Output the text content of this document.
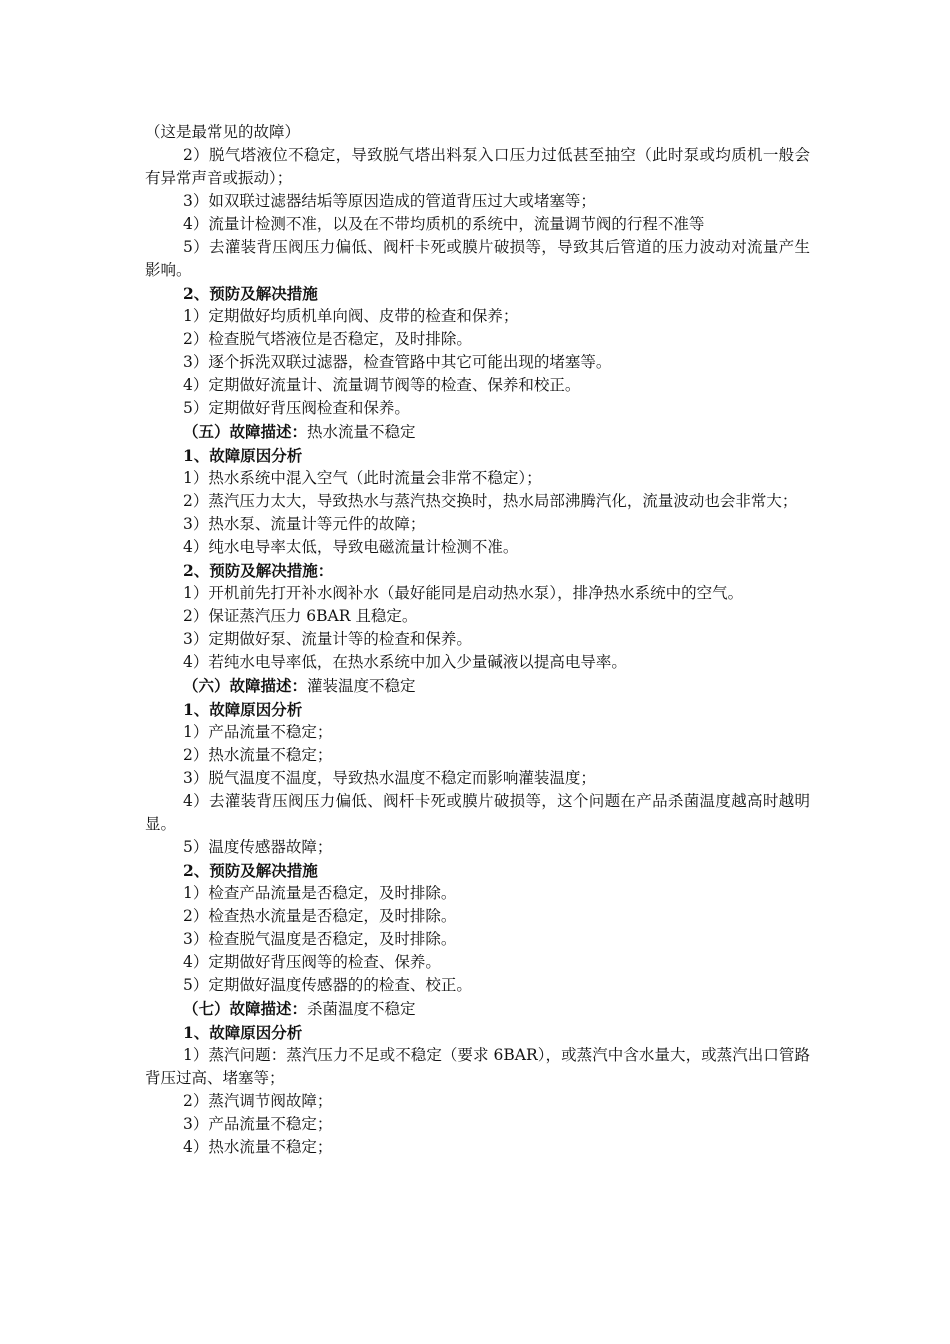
（这是最常见的故障）
2）脱气塔液位不稳定，导致脱气塔出料泵入口压力过低甚至抽空（此时泵或均质机一般会有异常声音或振动）；
3）如双联过滤器结垢等原因造成的管道背压过大或堵塞等；
4）流量计检测不准，以及在不带均质机的系统中，流量调节阀的行程不准等
5）去灌装背压阀压力偏低、阀杆卡死或膜片破损等，导致其后管道的压力波动对流量产生影响。
2、预防及解决措施
1）定期做好均质机单向阀、皮带的检查和保养；
2）检查脱气塔液位是否稳定，及时排除。
3）逐个拆洗双联过滤器，检查管路中其它可能出现的堵塞等。
4）定期做好流量计、流量调节阀等的检查、保养和校正。
5）定期做好背压阀检查和保养。
（五）故障描述：热水流量不稳定
1、故障原因分析
1）热水系统中混入空气（此时流量会非常不稳定）；
2）蒸汽压力太大，导致热水与蒸汽热交换时，热水局部沸腾汽化，流量波动也会非常大；
3）热水泵、流量计等元件的故障；
4）纯水电导率太低，导致电磁流量计检测不准。
2、预防及解决措施：
1）开机前先打开补水阀补水（最好能同是启动热水泵），排净热水系统中的空气。
2）保证蒸汽压力 6BAR 且稳定。
3）定期做好泵、流量计等的检查和保养。
4）若纯水电导率低，在热水系统中加入少量碱液以提高电导率。
（六）故障描述：灌装温度不稳定
1、故障原因分析
1）产品流量不稳定；
2）热水流量不稳定；
3）脱气温度不温度，导致热水温度不稳定而影响灌装温度；
4）去灌装背压阀压力偏低、阀杆卡死或膜片破损等，这个问题在产品杀菌温度越高时越明显。
5）温度传感器故障；
2、预防及解决措施
1）检查产品流量是否稳定，及时排除。
2）检查热水流量是否稳定，及时排除。
3）检查脱气温度是否稳定，及时排除。
4）定期做好背压阀等的检查、保养。
5）定期做好温度传感器的的检查、校正。
（七）故障描述：杀菌温度不稳定
1、故障原因分析
1）蒸汽问题：蒸汽压力不足或不稳定（要求 6BAR），或蒸汽中含水量大，或蒸汽出口管路背压过高、堵塞等；
2）蒸汽调节阀故障；
3）产品流量不稳定；
4）热水流量不稳定；
